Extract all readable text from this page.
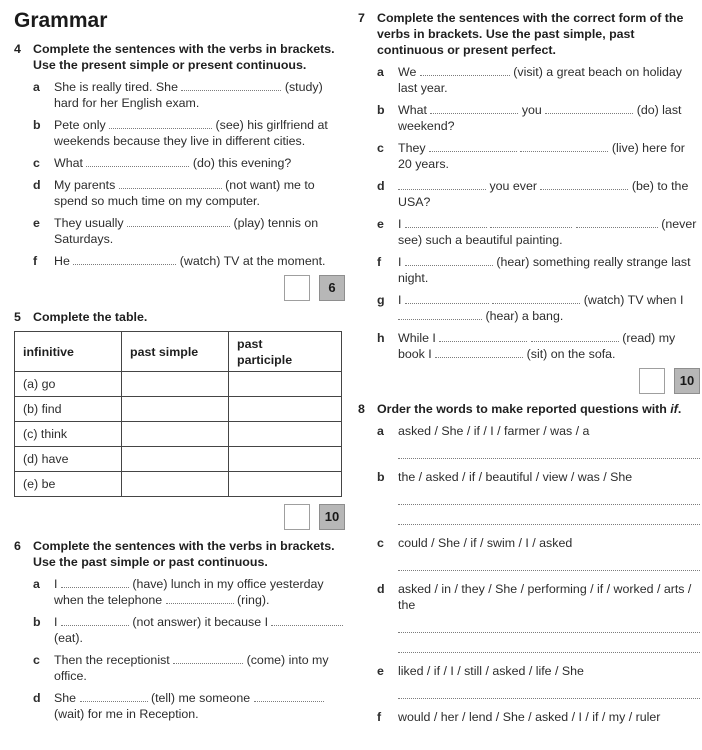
Grammar
4 Complete the sentences with the verbs in brackets. Use the present simple or present continuous.
a	She is really tired. She	(study) hard for her English exam.
b	Pete only	(see) his girlfriend at weekends because they live in different cities.
c	What	(do) this evening?
d	My parents	(not want) me to spend so much time on my computer.
e	They usually	(play) tennis on Saturdays.
f	He	(watch) TV at the moment.
6
5 Complete the table.
infinitive	past simple	past participle
(a) go		
(b) find		
(c) think		
(d) have		
(e) be		
10
6 Complete the sentences with the verbs in brackets. Use the past simple or past continuous.
a	I	(have) lunch in my office yesterday when the telephone	(ring).
b	I	(not answer) it because I  (eat).
c	Then the receptionist	(come) into my office.
d	She	(tell) me someone  (wait) for me in Reception.
7 Complete the sentences with the correct form of the verbs in brackets. Use the past simple, past continuous or present perfect.
a	We	(visit) a great beach on holiday last year.
b	What	you	(do) last weekend?
c	They	(live) here for 20 years.
d	you ever	(be) to the USA?
e	I	(never see) such a beautiful painting.
f	I	(hear) something really strange last night.
g	I	(watch) TV when I  (hear) a bang.
h	While I	(read) my book I	(sit) on the sofa.
10
8 Order the words to make reported questions with if.
a	asked / She / if / I / farmer / was / a
b	the / asked / if / beautiful / view / was / She
c	could / She / if / swim / I / asked
d	asked / in / they / She / performing / if / worked / arts / the
e	liked / if / I / still / asked / life / She
f	would / her / lend / She / asked / I / if / my / ruler
